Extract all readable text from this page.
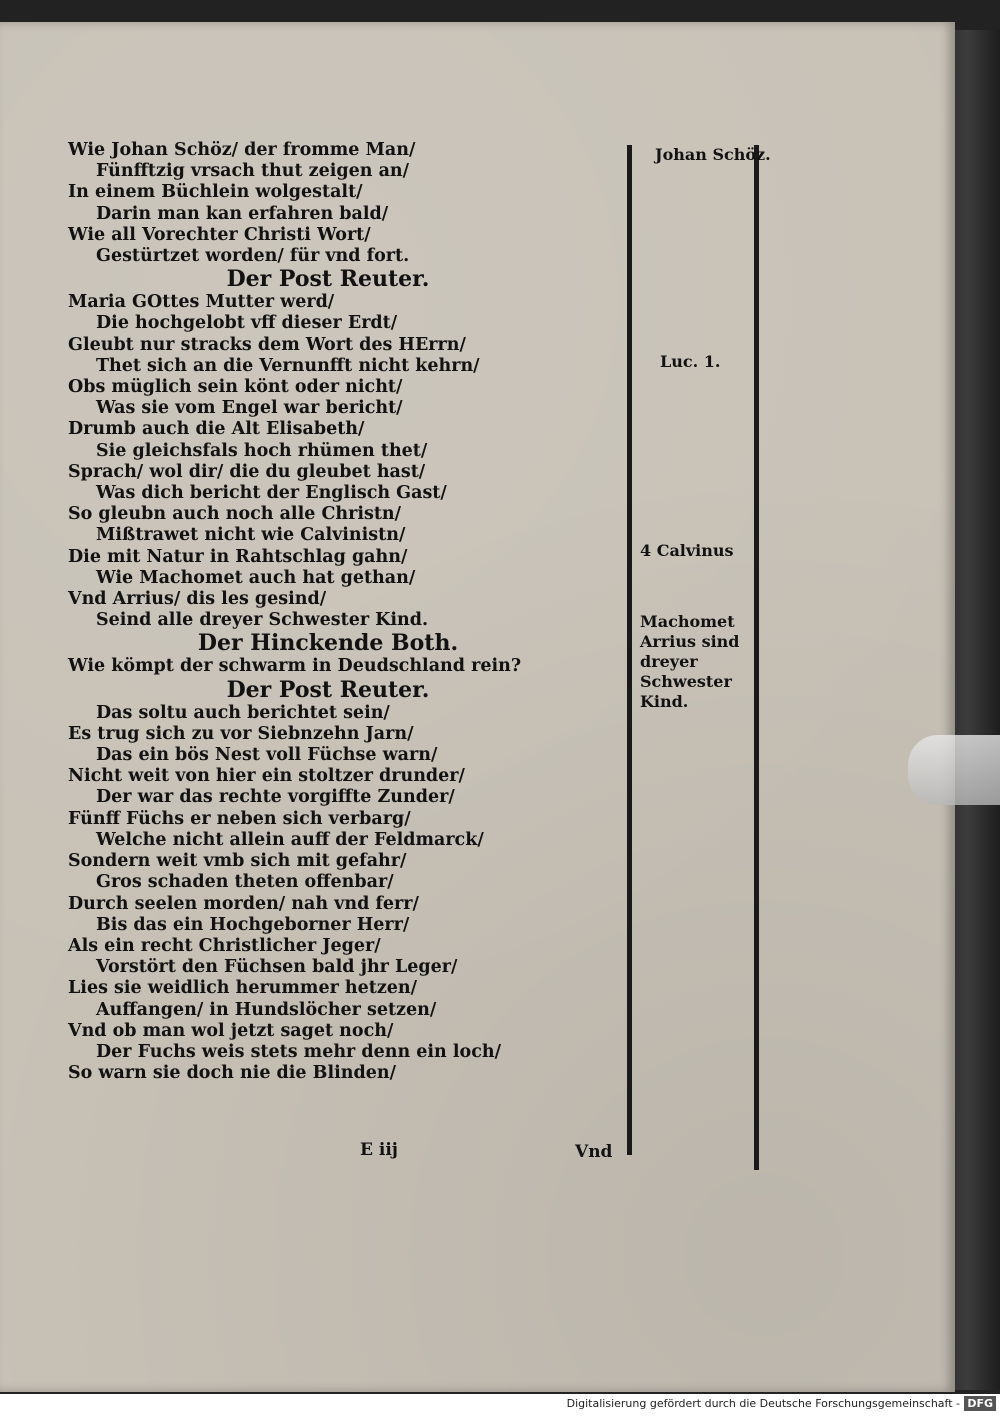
Wie Johan Schöz/ der fromme Man/
Fünfftzig vrsach thut zeigen an/
In einem Büchlein wolgestalt/
Darin man kan erfahren bald/
Wie all Vorechter Christi Wort/
Gestürtzet worden/ für vnd fort.
Der Post Reuter.
Maria GOttes Mutter werd/
Die hochgelobt vff dieser Erdt/
Gleubt nur stracks dem Wort des HErrn/
Thet sich an die Vernunfft nicht kehrn/
Obs müglich sein könt oder nicht/
Was sie vom Engel war bericht/
Drumb auch die Alt Elisabeth/
Sie gleichsfals hoch rhümen thet/
Sprach/ wol dir/ die du gleubet hast/
Was dich bericht der Englisch Gast/
So gleubn auch noch alle Christn/
Mißtrawet nicht wie Calvinistn/
Die mit Natur in Rahtschlag gahn/
Wie Machomet auch hat gethan/
Vnd Arrius/ dis les gesind/
Seind alle dreyer Schwester Kind.
Der Hinckende Both.
Wie kömpt der schwarm in Deudschland rein?
Der Post Reuter.
Das soltu auch berichtet sein/
Es trug sich zu vor Siebnzehn Jarn/
Das ein bös Nest voll Füchse warn/
Nicht weit von hier ein stoltzer drunder/
Der war das rechte vorgiffte Zunder/
Fünff Füchs er neben sich verbarg/
Welche nicht allein auff der Feldmarck/
Sondern weit vmb sich mit gefahr/
Gros schaden theten offenbar/
Durch seelen morden/ nah vnd ferr/
Bis das ein Hochgeborner Herr/
Als ein recht Christlicher Jeger/
Vorstört den Füchsen bald jhr Leger/
Lies sie weidlich herummer hetzen/
Auffangen/ in Hundslöcher setzen/
Vnd ob man wol jetzt saget noch/
Der Fuchs weis stets mehr denn ein loch/
So warn sie doch nie die Blinden/
Johan Schöz.
Luc. 1.
4 Calvinus
Machomet Arrius sind dreyer Schwester Kind.
E iij	Vnd
Digitalisierung gefördert durch die Deutsche Forschungsgemeinschaft - DFG
